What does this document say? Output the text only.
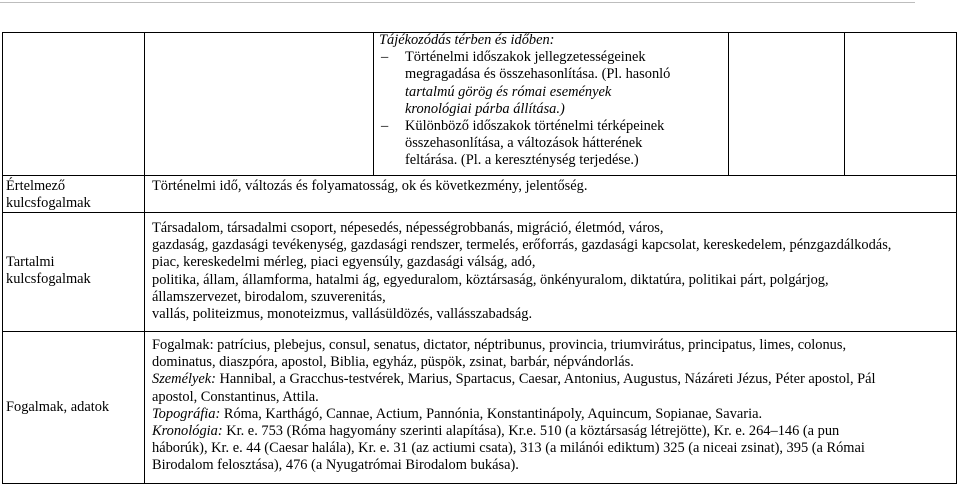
Tájékozódás térben és időben:

– Történelmi időszakok jellegzetességeinek
megragadása és összehasonlítása. (Pl. hasonló
tartalmú görög és római események
kronológiai párba állítása.)
– Különböző időszakok történelmi térképeinek
összehasonlítása, a változások hátterének
feltárása. (Pl. a kereszténység terjedése.)
Értelmező
kulcsfogalmak
Történelmi idő, változás és folyamatosság, ok és következmény, jelentőség.
Tartalmi
kulcsfogalmak
Társadalom, társadalmi csoport, népesedés, népességrobbanás, migráció, életmód, város,
gazdaság, gazdasági tevékenység, gazdasági rendszer, termelés, erőforrás, gazdasági kapcsolat, kereskedelem, pénzgazdálkodás,
piac, kereskedelmi mérleg, piaci egyensúly, gazdasági válság, adó,
politika, állam, államforma, hatalmi ág, egyeduralom, köztársaság, önkényuralom, diktatúra, politikai párt, polgárjog,
államszervezet, birodalom, szuverenitás,
vallás, politeizmus, monoteizmus, vallásüldözés, vallásszabadság.
Fogalmak, adatok
Fogalmak: patrícius, plebejus, consul, senatus, dictator, néptribunus, provincia, triumvirátus, principatus, limes, colonus,
dominatus, diaszpóra, apostol, Biblia, egyház, püspök, zsinat, barbár, népvándorlás.
Személyek: Hannibal, a Gracchus-testvérek, Marius, Spartacus, Caesar, Antonius, Augustus, Názáreti Jézus, Péter apostol, Pál
apostol, Constantinus, Attila.
Topográfia: Róma, Karthágó, Cannae, Actium, Pannónia, Konstantinápoly, Aquincum, Sopianae, Savaria.
Kronológia: Kr. e. 753 (Róma hagyomány szerinti alapítása), Kr.e. 510 (a köztársaság létrejötte), Kr. e. 264–146 (a pun
háborúk), Kr. e. 44 (Caesar halála), Kr. e. 31 (az actiumi csata), 313 (a milánói ediktum) 325 (a niceai zsinat), 395 (a Római
Birodalom felosztása), 476 (a Nyugatrómai Birodalom bukása).
